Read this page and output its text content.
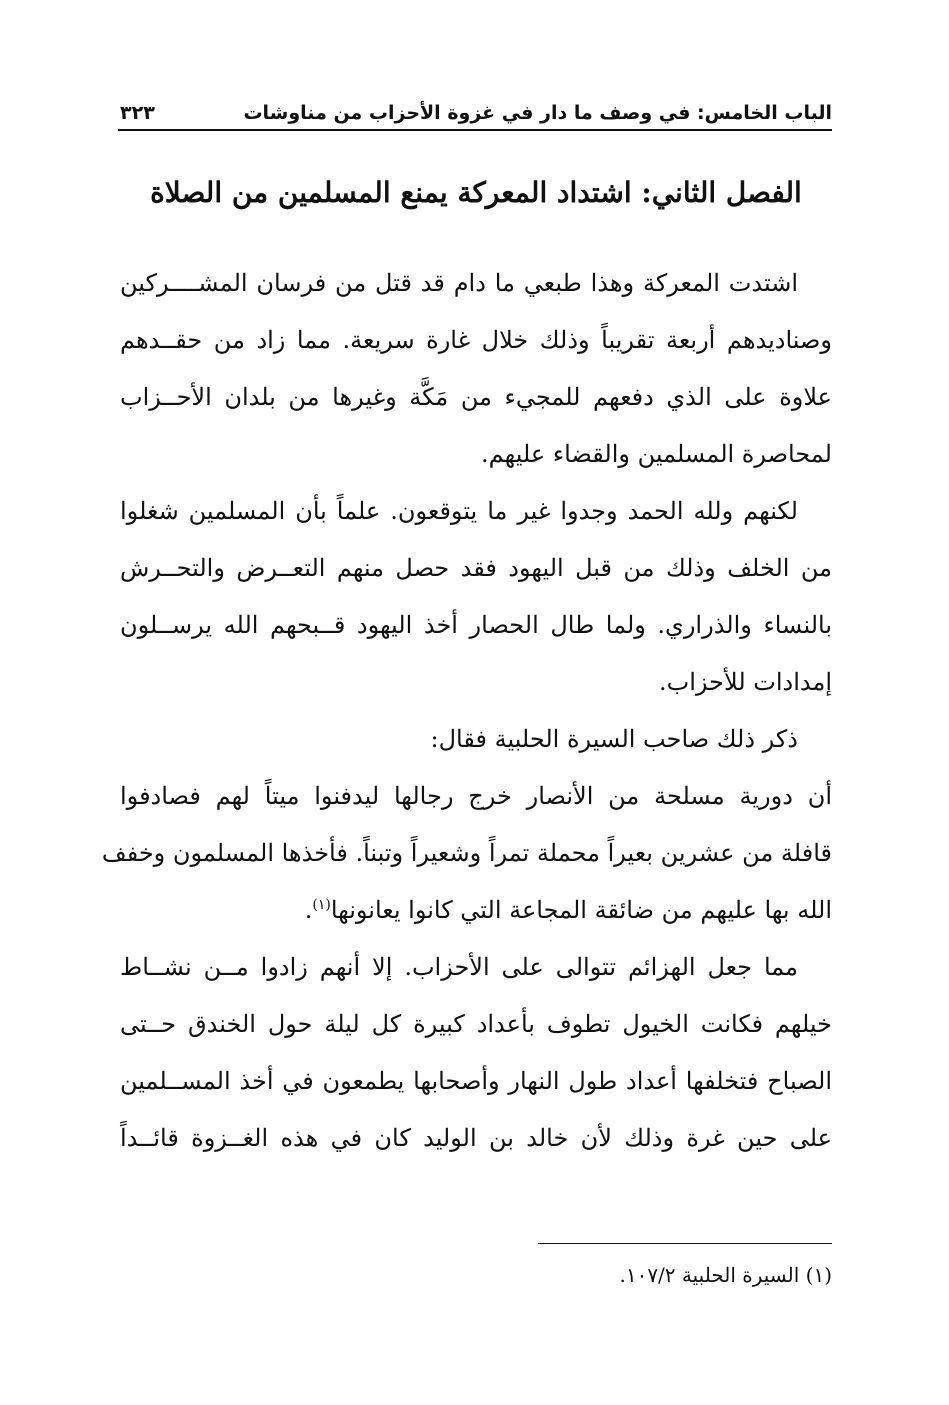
الباب الخامس: في وصف ما دار في غزوة الأحزاب من مناوشات
٣٢٣
الفصل الثاني: اشتداد المعركة يمنع المسلمين من الصلاة

اشتدت المعركة وهذا طبعي ما دام قد قتل من فرسان المشــــركين
وصناديدهم أربعة تقريباً وذلك خلال غارة سريعة. مما زاد من حقــدهم
علاوة على الذي دفعهم للمجيء من مَكَّة وغيرها من بلدان الأحــزاب
لمحاصرة المسلمين والقضاء عليهم.

لكنهم ولله الحمد وجدوا غير ما يتوقعون. علماً بأن المسلمين شغلوا
من الخلف وذلك من قبل اليهود فقد حصل منهم التعــرض والتحــرش
بالنساء والذراري. ولما طال الحصار أخذ اليهود قــبحهم الله يرســلون
إمدادات للأحزاب.

ذكر ذلك صاحب السيرة الحلبية فقال:

أن دورية مسلحة من الأنصار خرج رجالها ليدفنوا ميتاً لهم فصادفوا
قافلة من عشرين بعيراً محملة تمراً وشعيراً وتبناً. فأخذها المسلمون وخفف
الله بها عليهم من ضائقة المجاعة التي كانوا يعانونها$^{(١)}$.

مما جعل الهزائم تتوالى على الأحزاب. إلا أنهم زادوا مــن نشــاط
خيلهم فكانت الخيول تطوف بأعداد كبيرة كل ليلة حول الخندق حــتى
الصباح فتخلفها أعداد طول النهار وأصحابها يطمعون في أخذ المســلمين
على حين غرة وذلك لأن خالد بن الوليد كان في هذه الغــزوة قائــداً

(١) السيرة الحلبية ١٠٧/٢.
